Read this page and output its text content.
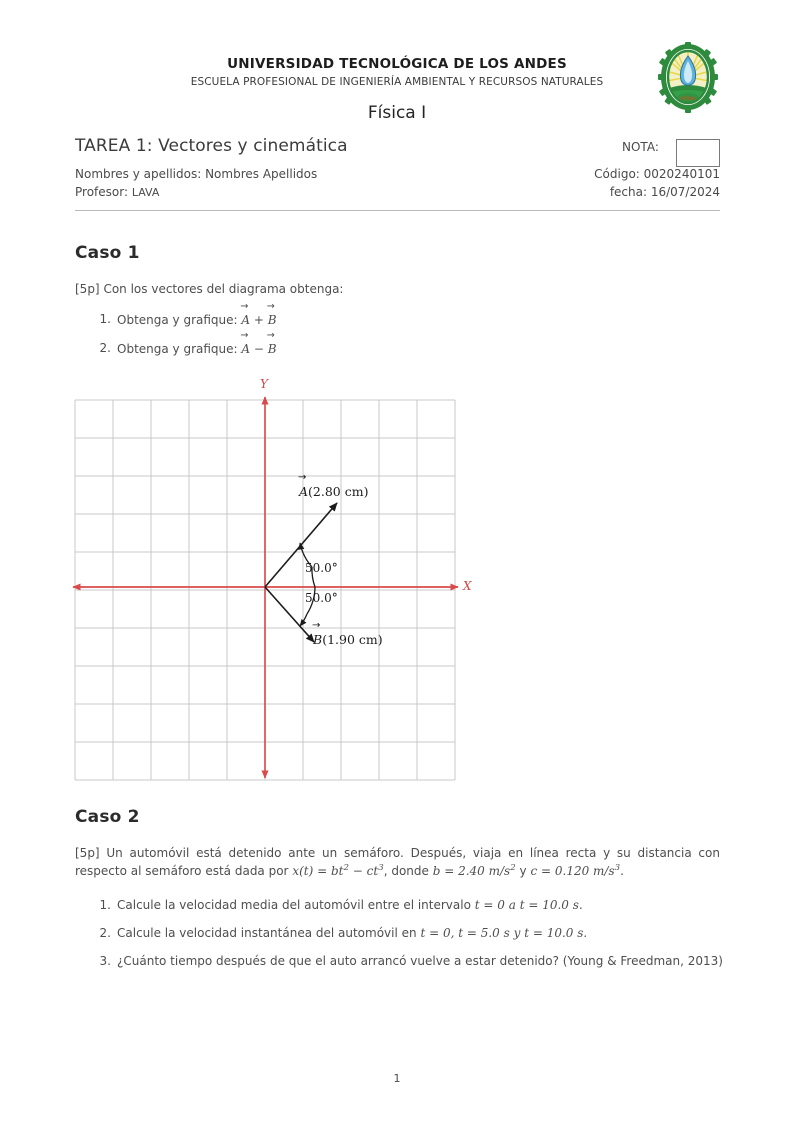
UNIVERSIDAD TECNOLÓGICA DE LOS ANDES
ESCUELA PROFESIONAL DE INGENIERÍA AMBIENTAL Y RECURSOS NATURALES
Física I
utea
TAREA 1: Vectores y cinemática	NOTA:
Nombres y apellidos: Nombres Apellidos
Profesor: LAVA
Código: 0020240101
fecha: 16/07/2024
Caso 1
[5p] Con los vectores del diagrama obtenga:
1. Obtenga y grafique: A → + B →
2. Obtenga y grafique: A → − B →
Y
X
A →(2.80 cm)
B →(1.90 cm)
50.0°
50.0°
Caso 2
[5p] Un automóvil está detenido ante un semáforo. Después, viaja en línea recta y su distancia con respecto al semáforo está dada por $x(t) = bt^2 - ct^3$, donde b = 2.40 $m/s^2$ y c = 0.120 $m/s^3$.
1. Calcule la velocidad media del automóvil entre el intervalo t = 0 a t = 10.0 s.
2. Calcule la velocidad instantánea del automóvil en t = 0, t = 5.0 s y t = 10.0 s.
3. ¿Cuánto tiempo después de que el auto arrancó vuelve a estar detenido? (Young & Freedman, 2013)
1
